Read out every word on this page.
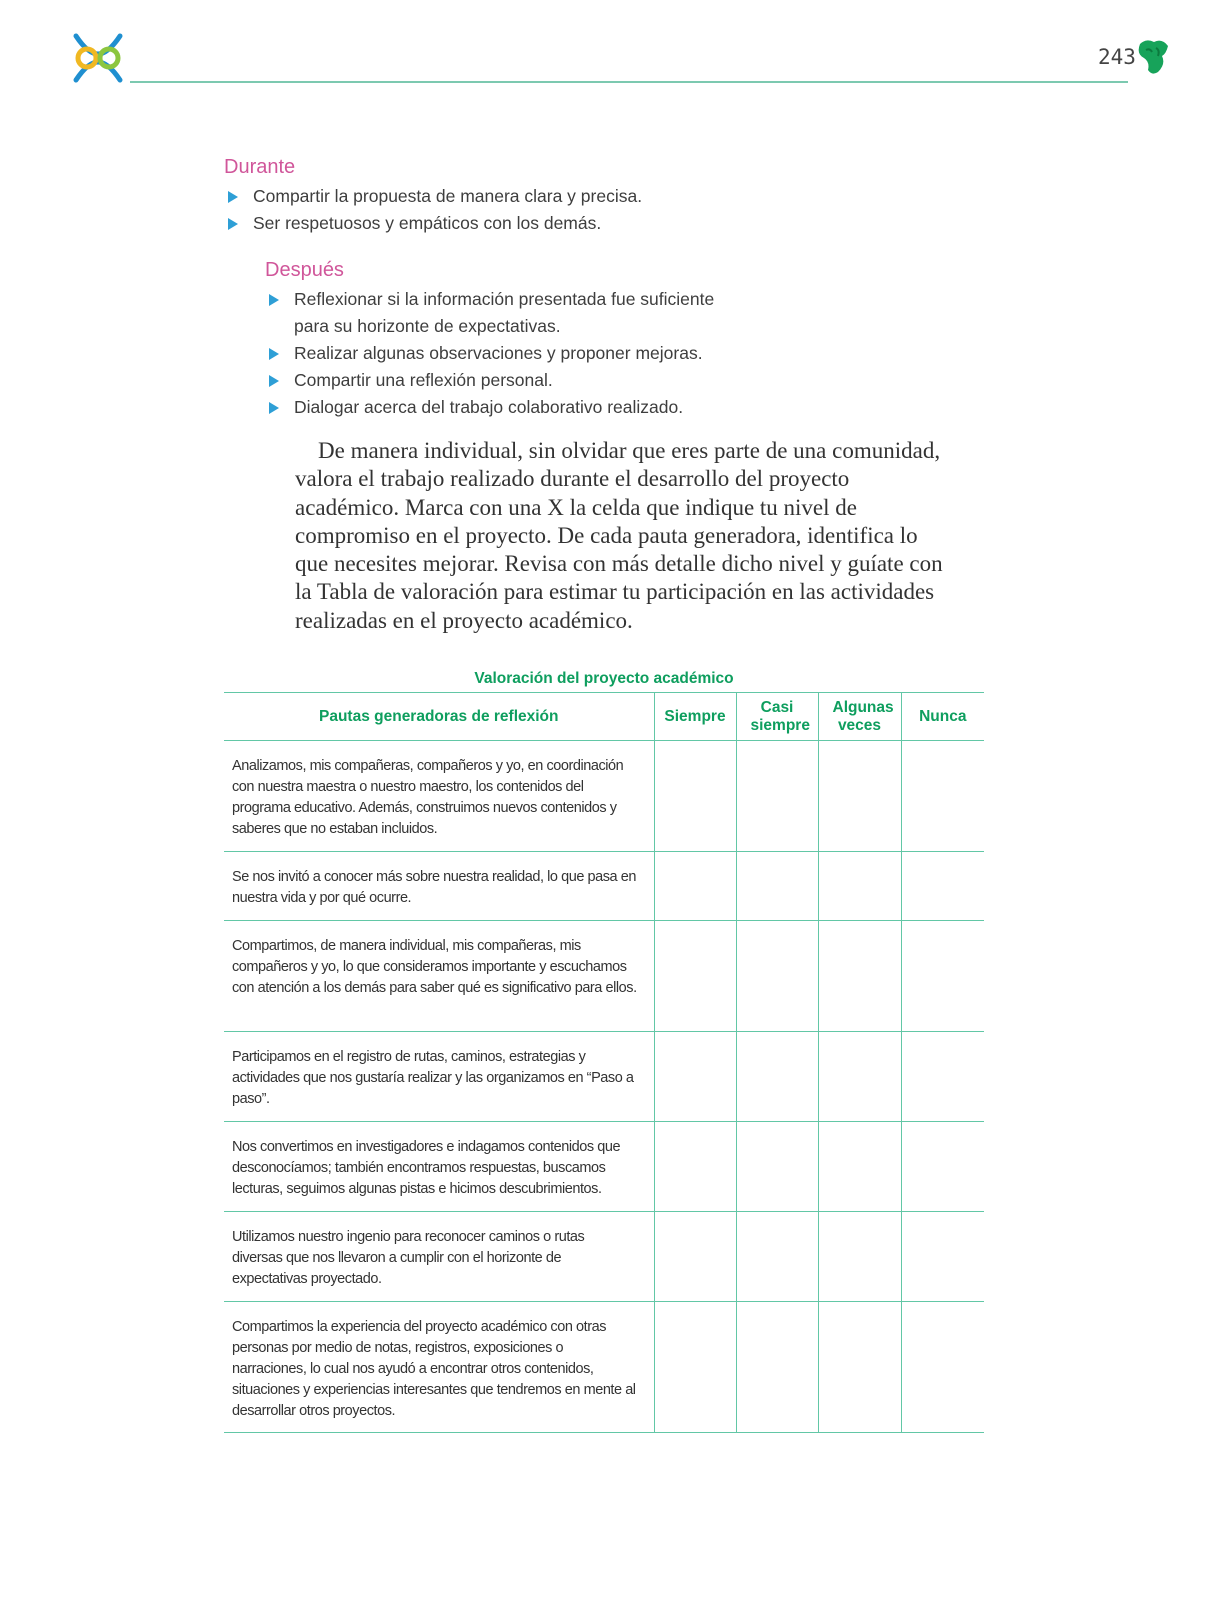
243
Durante
Compartir la propuesta de manera clara y precisa.
Ser respetuosos y empáticos con los demás.
Después
Reflexionar si la información presentada fue suficiente para su horizonte de expectativas.
Realizar algunas observaciones y proponer mejoras.
Compartir una reflexión personal.
Dialogar acerca del trabajo colaborativo realizado.

De manera individual, sin olvidar que eres parte de una comunidad, valora el trabajo realizado durante el desarrollo del proyecto académico. Marca con una X la celda que indique tu nivel de compromiso en el proyecto. De cada pauta generadora, identifica lo que necesites mejorar. Revisa con más detalle dicho nivel y guíate con la Tabla de valoración para estimar tu participación en las actividades realizadas en el proyecto académico.

Valoración del proyecto académico
Pautas generadoras de reflexión	Siempre	Casi siempre	Algunas veces	Nunca
Analizamos, mis compañeras, compañeros y yo, en coordinación con nuestra maestra o nuestro maestro, los contenidos del programa educativo. Además, construimos nuevos contenidos y saberes que no estaban incluidos.				
Se nos invitó a conocer más sobre nuestra realidad, lo que pasa en nuestra vida y por qué ocurre.				
Compartimos, de manera individual, mis compañeras, mis compañeros y yo, lo que consideramos importante y escuchamos con atención a los demás para saber qué es significativo para ellos.				
Participamos en el registro de rutas, caminos, estrategias y actividades que nos gustaría realizar y las organizamos en “Paso a paso”.				
Nos convertimos en investigadores e indagamos contenidos que desconocíamos; también encontramos respuestas, buscamos lecturas, seguimos algunas pistas e hicimos descubrimientos.				
Utilizamos nuestro ingenio para reconocer caminos o rutas diversas que nos llevaron a cumplir con el horizonte de expectativas proyectado.				
Compartimos la experiencia del proyecto académico con otras personas por medio de notas, registros, exposiciones o narraciones, lo cual nos ayudó a encontrar otros contenidos, situaciones y experiencias interesantes que tendremos en mente al desarrollar otros proyectos.				
